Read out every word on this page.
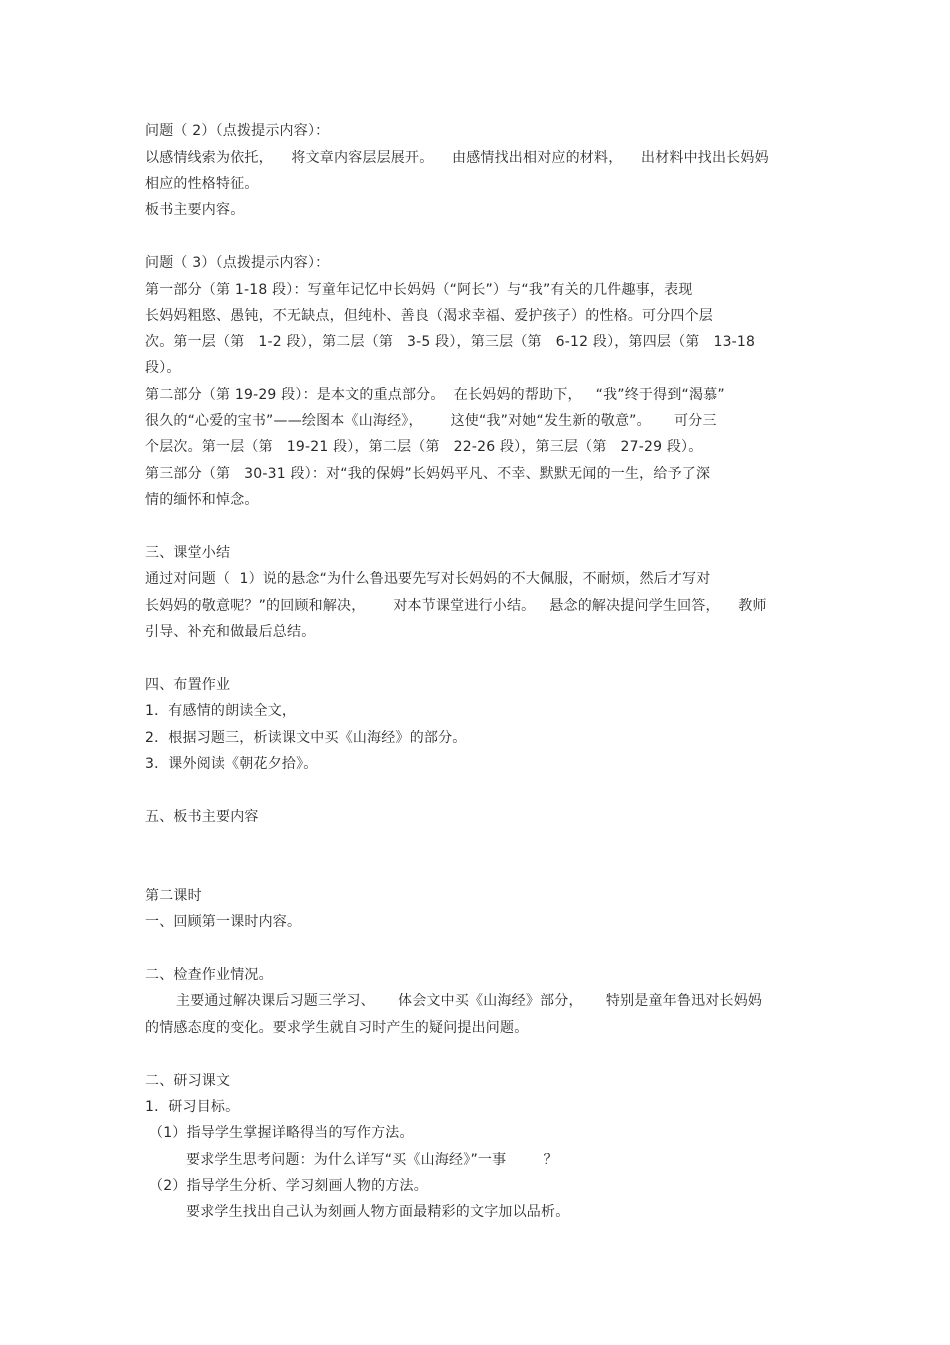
问题（ 2）（点拨提示内容）：
以感情线索为依托，    将文章内容层层展开。    由感情找出相对应的材料，    出材料中找出长妈妈
相应的性格特征。
板书主要内容。
问题（ 3）（点拨提示内容）：
第一部分（第 1-18 段）：写童年记忆中长妈妈（“阿长”）与“我”有关的几件趣事，表现
长妈妈粗愍、愚钝，不无缺点，但纯朴、善良（渴求幸福、爱护孩子）的性格。可分四个层
次。第一层（第   1-2 段），第二层（第   3-5 段），第三层（第   6-12 段），第四层（第   13-18
段）。
第二部分（第 19-29 段）：是本文的重点部分。  在长妈妈的帮助下，   “我”终于得到“渴慕”
很久的“心爱的宝书”——绘图本《山海经》，      这使“我”对她“发生新的敬意”。     可分三
个层次。第一层（第   19-21 段），第二层（第   22-26 段），第三层（第   27-29 段）。
第三部分（第   30-31 段）：对“我的保姆”长妈妈平凡、不幸、默默无闻的一生，给予了深
情的缅怀和悼念。
三、课堂小结
通过对问题（  1）说的悬念“为什么鲁迅要先写对长妈妈的不大佩服，不耐烦，然后才写对
长妈妈的敬意呢？”的回顾和解决，      对本节课堂进行小结。   悬念的解决提问学生回答，    教师
引导、补充和做最后总结。
四、布置作业
1．有感情的朗读全文，
2．根据习题三，析读课文中买《山海经》的部分。
3．课外阅读《朝花夕拾》。
五、板书主要内容
第二课时
一、回顾第一课时内容。
二、检查作业情况。
主要通过解决课后习题三学习、     体会文中买《山海经》部分，     特别是童年鲁迅对长妈妈
的情感态度的变化。要求学生就自习时产生的疑问提出问题。
二、研习课文
1．研习目标。
（1）指导学生掌握详略得当的写作方法。
要求学生思考问题：为什么详写“买《山海经》”一事        ？
（2）指导学生分析、学习刻画人物的方法。
要求学生找出自己认为刻画人物方面最精彩的文字加以品析。
